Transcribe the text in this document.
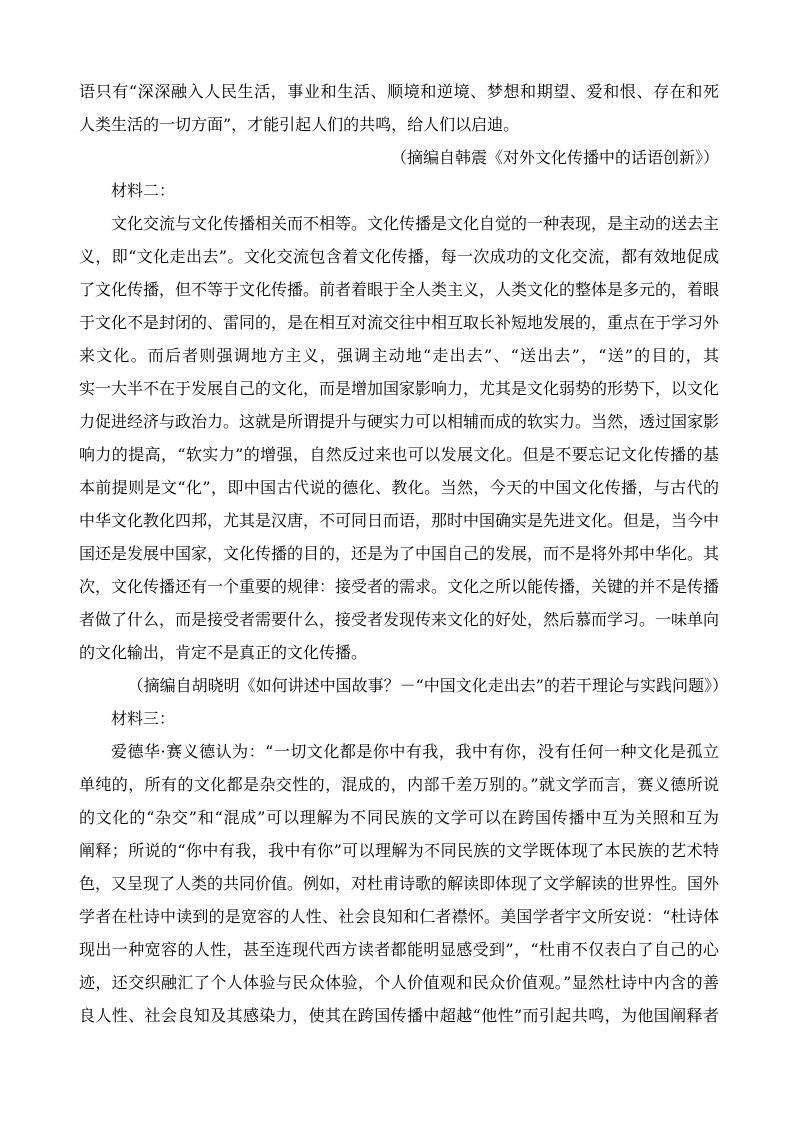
语只有“深深融入人民生活，事业和生活、顺境和逆境、梦想和期望、爱和恨、存在和死
人类生活的一切方面”，才能引起人们的共鸣，给人们以启迪。
（摘编自韩震《对外文化传播中的话语创新》）
材料二：
文化交流与文化传播相关而不相等。文化传播是文化自觉的一种表现，是主动的送去主
义，即“文化走出去”。文化交流包含着文化传播，每一次成功的文化交流，都有效地促成
了文化传播，但不等于文化传播。前者着眼于全人类主义，人类文化的整体是多元的，着眼
于文化不是封闭的、雷同的，是在相互对流交往中相互取长补短地发展的，重点在于学习外
来文化。而后者则强调地方主义，强调主动地“走出去”、“送出去”，“送”的目的，其
实一大半不在于发展自己的文化，而是增加国家影响力，尤其是文化弱势的形势下，以文化
力促进经济与政治力。这就是所谓提升与硬实力可以相辅而成的软实力。当然，透过国家影
响力的提高，“软实力”的增强，自然反过来也可以发展文化。但是不要忘记文化传播的基
本前提则是文“化”，即中国古代说的德化、教化。当然，今天的中国文化传播，与古代的
中华文化教化四邦，尤其是汉唐，不可同日而语，那时中国确实是先进文化。但是，当今中
国还是发展中国家，文化传播的目的，还是为了中国自己的发展，而不是将外邦中华化。其
次，文化传播还有一个重要的规律：接受者的需求。文化之所以能传播，关键的并不是传播
者做了什么，而是接受者需要什么，接受者发现传来文化的好处，然后慕而学习。一味单向
的文化输出，肯定不是真正的文化传播。
（摘编自胡晓明《如何讲述中国故事？－“中国文化走出去”的若干理论与实践问题》）
材料三：
爱德华·赛义德认为：“一切文化都是你中有我，我中有你，没有任何一种文化是孤立
单纯的，所有的文化都是杂交性的，混成的，内部千差万别的。”就文学而言，赛义德所说
的文化的“杂交”和“混成”可以理解为不同民族的文学可以在跨国传播中互为关照和互为
阐释；所说的“你中有我，我中有你”可以理解为不同民族的文学既体现了本民族的艺术特
色，又呈现了人类的共同价值。例如，对杜甫诗歌的解读即体现了文学解读的世界性。国外
学者在杜诗中读到的是宽容的人性、社会良知和仁者襟怀。美国学者宇文所安说：“杜诗体
现出一种宽容的人性，甚至连现代西方读者都能明显感受到”，“杜甫不仅表白了自己的心
迹，还交织融汇了个人体验与民众体验，个人价值观和民众价值观。”显然杜诗中内含的善
良人性、社会良知及其感染力，使其在跨国传播中超越“他性”而引起共鸣，为他国阐释者
